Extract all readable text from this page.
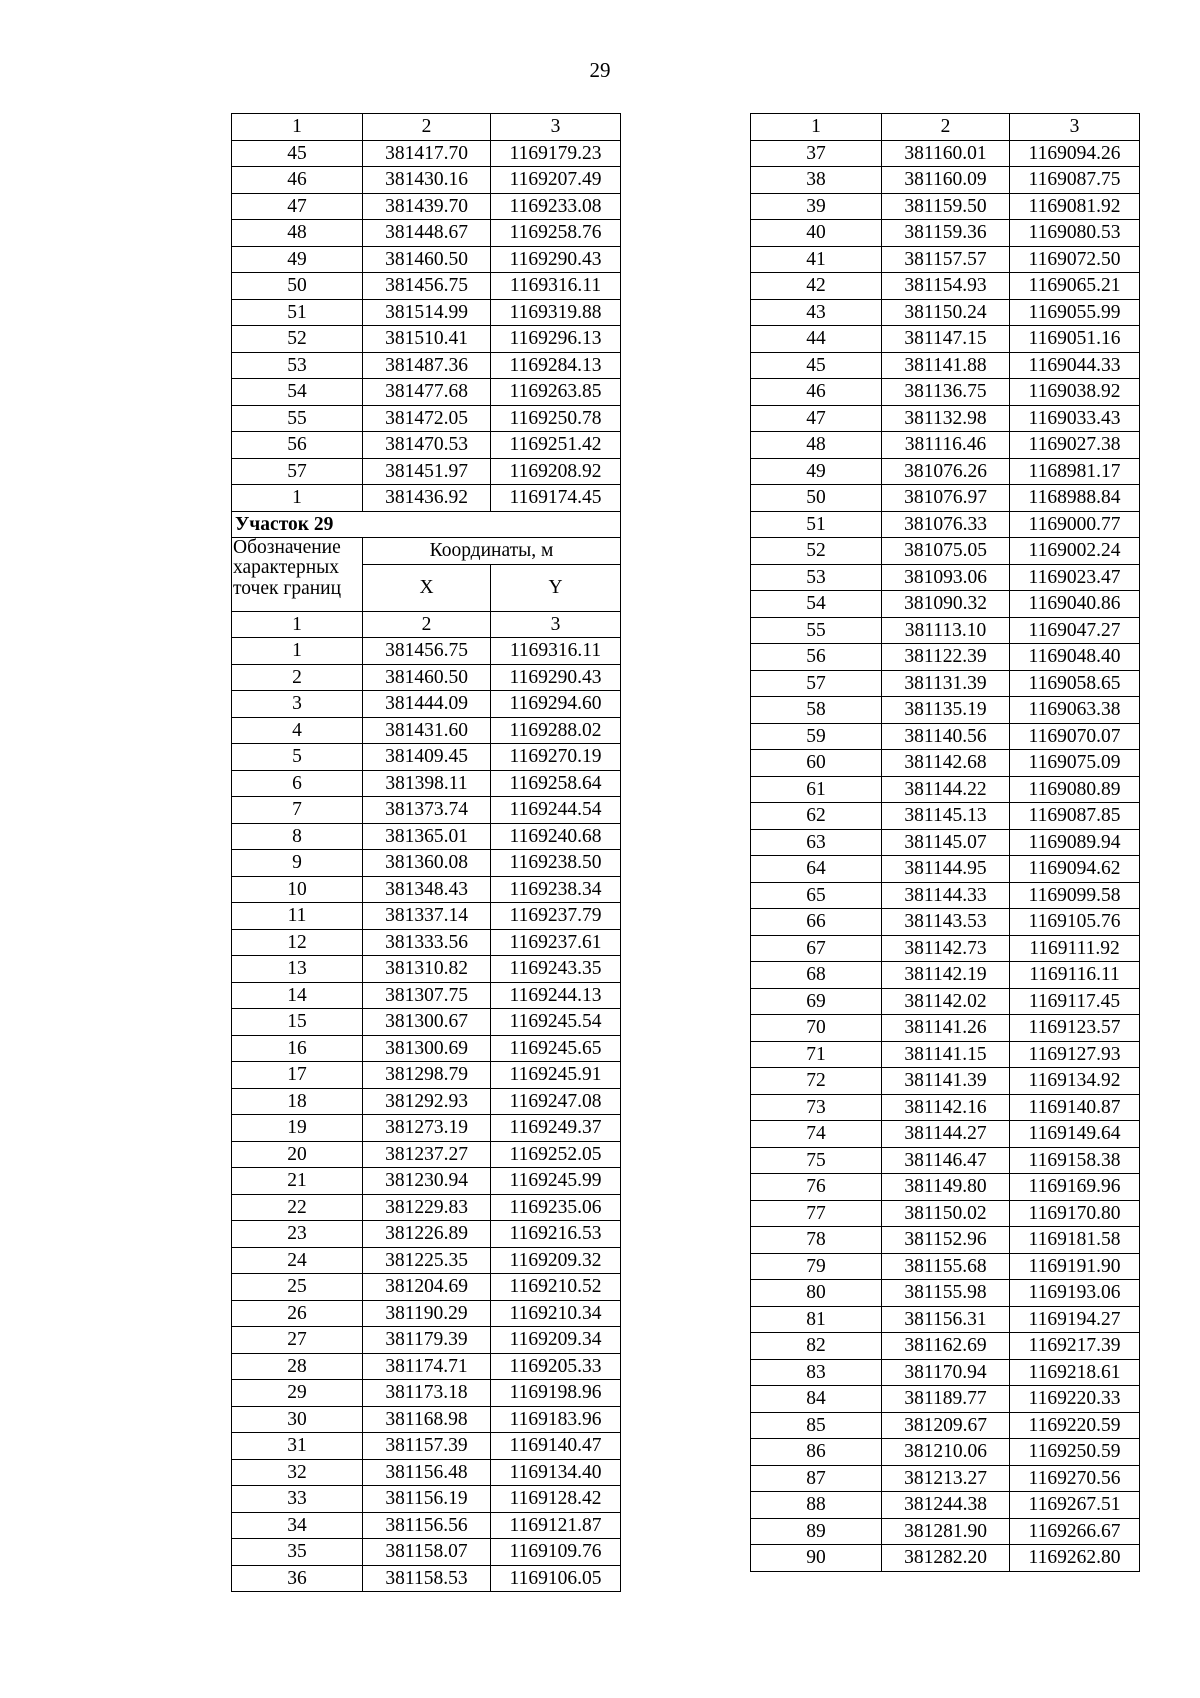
29
1	2	3
45	381417.70	1169179.23
46	381430.16	1169207.49
47	381439.70	1169233.08
48	381448.67	1169258.76
49	381460.50	1169290.43
50	381456.75	1169316.11
51	381514.99	1169319.88
52	381510.41	1169296.13
53	381487.36	1169284.13
54	381477.68	1169263.85
55	381472.05	1169250.78
56	381470.53	1169251.42
57	381451.97	1169208.92
1	381436.92	1169174.45
Участок 29		
Обозначение характерных точек границ	Координаты, м	
	X	Y
1	2	3
1	381456.75	1169316.11
2	381460.50	1169290.43
3	381444.09	1169294.60
4	381431.60	1169288.02
5	381409.45	1169270.19
6	381398.11	1169258.64
7	381373.74	1169244.54
8	381365.01	1169240.68
9	381360.08	1169238.50
10	381348.43	1169238.34
11	381337.14	1169237.79
12	381333.56	1169237.61
13	381310.82	1169243.35
14	381307.75	1169244.13
15	381300.67	1169245.54
16	381300.69	1169245.65
17	381298.79	1169245.91
18	381292.93	1169247.08
19	381273.19	1169249.37
20	381237.27	1169252.05
21	381230.94	1169245.99
22	381229.83	1169235.06
23	381226.89	1169216.53
24	381225.35	1169209.32
25	381204.69	1169210.52
26	381190.29	1169210.34
27	381179.39	1169209.34
28	381174.71	1169205.33
29	381173.18	1169198.96
30	381168.98	1169183.96
31	381157.39	1169140.47
32	381156.48	1169134.40
33	381156.19	1169128.42
34	381156.56	1169121.87
35	381158.07	1169109.76
36	381158.53	1169106.05
1	2	3
37	381160.01	1169094.26
38	381160.09	1169087.75
39	381159.50	1169081.92
40	381159.36	1169080.53
41	381157.57	1169072.50
42	381154.93	1169065.21
43	381150.24	1169055.99
44	381147.15	1169051.16
45	381141.88	1169044.33
46	381136.75	1169038.92
47	381132.98	1169033.43
48	381116.46	1169027.38
49	381076.26	1168981.17
50	381076.97	1168988.84
51	381076.33	1169000.77
52	381075.05	1169002.24
53	381093.06	1169023.47
54	381090.32	1169040.86
55	381113.10	1169047.27
56	381122.39	1169048.40
57	381131.39	1169058.65
58	381135.19	1169063.38
59	381140.56	1169070.07
60	381142.68	1169075.09
61	381144.22	1169080.89
62	381145.13	1169087.85
63	381145.07	1169089.94
64	381144.95	1169094.62
65	381144.33	1169099.58
66	381143.53	1169105.76
67	381142.73	1169111.92
68	381142.19	1169116.11
69	381142.02	1169117.45
70	381141.26	1169123.57
71	381141.15	1169127.93
72	381141.39	1169134.92
73	381142.16	1169140.87
74	381144.27	1169149.64
75	381146.47	1169158.38
76	381149.80	1169169.96
77	381150.02	1169170.80
78	381152.96	1169181.58
79	381155.68	1169191.90
80	381155.98	1169193.06
81	381156.31	1169194.27
82	381162.69	1169217.39
83	381170.94	1169218.61
84	381189.77	1169220.33
85	381209.67	1169220.59
86	381210.06	1169250.59
87	381213.27	1169270.56
88	381244.38	1169267.51
89	381281.90	1169266.67
90	381282.20	1169262.80
